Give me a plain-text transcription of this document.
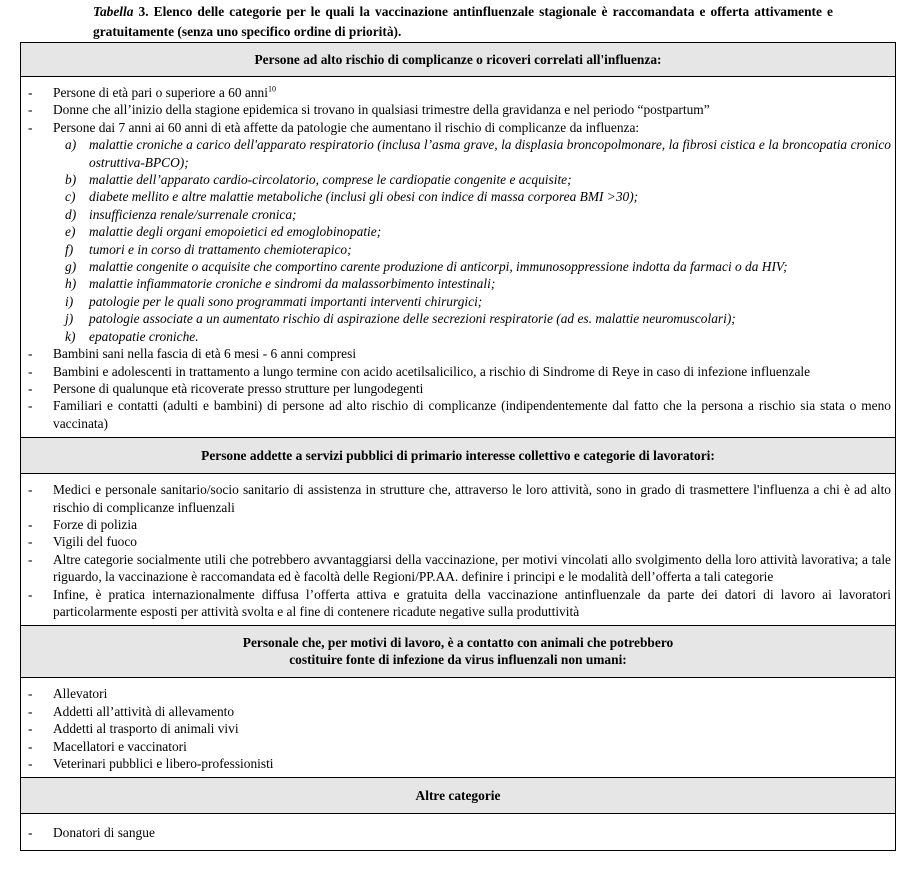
Tabella 3. Elenco delle categorie per le quali la vaccinazione antinfluenzale stagionale è raccomandata e offerta attivamente e gratuitamente (senza uno specifico ordine di priorità).
Persone ad alto rischio di complicanze o ricoveri correlati all'influenza:
- Persone di età pari o superiore a 60 anni$^{10}$
- Donne che all’inizio della stagione epidemica si trovano in qualsiasi trimestre della gravidanza e nel periodo “postpartum”
- Persone dai 7 anni ai 60 anni di età affette da patologie che aumentano il rischio di complicanze da influenza:
a) malattie croniche a carico dell'apparato respiratorio (inclusa l’asma grave, la displasia broncopolmonare, la fibrosi cistica e la broncopatia cronico ostruttiva-BPCO);
b) malattie dell’apparato cardio-circolatorio, comprese le cardiopatie congenite e acquisite;
c) diabete mellito e altre malattie metaboliche (inclusi gli obesi con indice di massa corporea BMI >30);
d) insufficienza renale/surrenale cronica;
e) malattie degli organi emopoietici ed emoglobinopatie;
f) tumori e in corso di trattamento chemioterapico;
g) malattie congenite o acquisite che comportino carente produzione di anticorpi, immunosoppressione indotta da farmaci o da HIV;
h) malattie infiammatorie croniche e sindromi da malassorbimento intestinali;
i) patologie per le quali sono programmati importanti interventi chirurgici;
j) patologie associate a un aumentato rischio di aspirazione delle secrezioni respiratorie (ad es. malattie neuromuscolari);
k) epatopatie croniche.
- Bambini sani nella fascia di età 6 mesi - 6 anni compresi
- Bambini e adolescenti in trattamento a lungo termine con acido acetilsalicilico, a rischio di Sindrome di Reye in caso di infezione influenzale
- Persone di qualunque età ricoverate presso strutture per lungodegenti
- Familiari e contatti (adulti e bambini) di persone ad alto rischio di complicanze (indipendentemente dal fatto che la persona a rischio sia stata o meno vaccinata)
Persone addette a servizi pubblici di primario interesse collettivo e categorie di lavoratori:
- Medici e personale sanitario/socio sanitario di assistenza in strutture che, attraverso le loro attività, sono in grado di trasmettere l'influenza a chi è ad alto rischio di complicanze influenzali
- Forze di polizia
- Vigili del fuoco
- Altre categorie socialmente utili che potrebbero avvantaggiarsi della vaccinazione, per motivi vincolati allo svolgimento della loro attività lavorativa; a tale riguardo, la vaccinazione è raccomandata ed è facoltà delle Regioni/PP.AA. definire i principi e le modalità dell’offerta a tali categorie
- Infine, è pratica internazionalmente diffusa l’offerta attiva e gratuita della vaccinazione antinfluenzale da parte dei datori di lavoro ai lavoratori particolarmente esposti per attività svolta e al fine di contenere ricadute negative sulla produttività
Personale che, per motivi di lavoro, è a contatto con animali che potrebbero
costituire fonte di infezione da virus influenzali non umani:
- Allevatori
- Addetti all’attività di allevamento
- Addetti al trasporto di animali vivi
- Macellatori e vaccinatori
- Veterinari pubblici e libero-professionisti
Altre categorie
- Donatori di sangue
